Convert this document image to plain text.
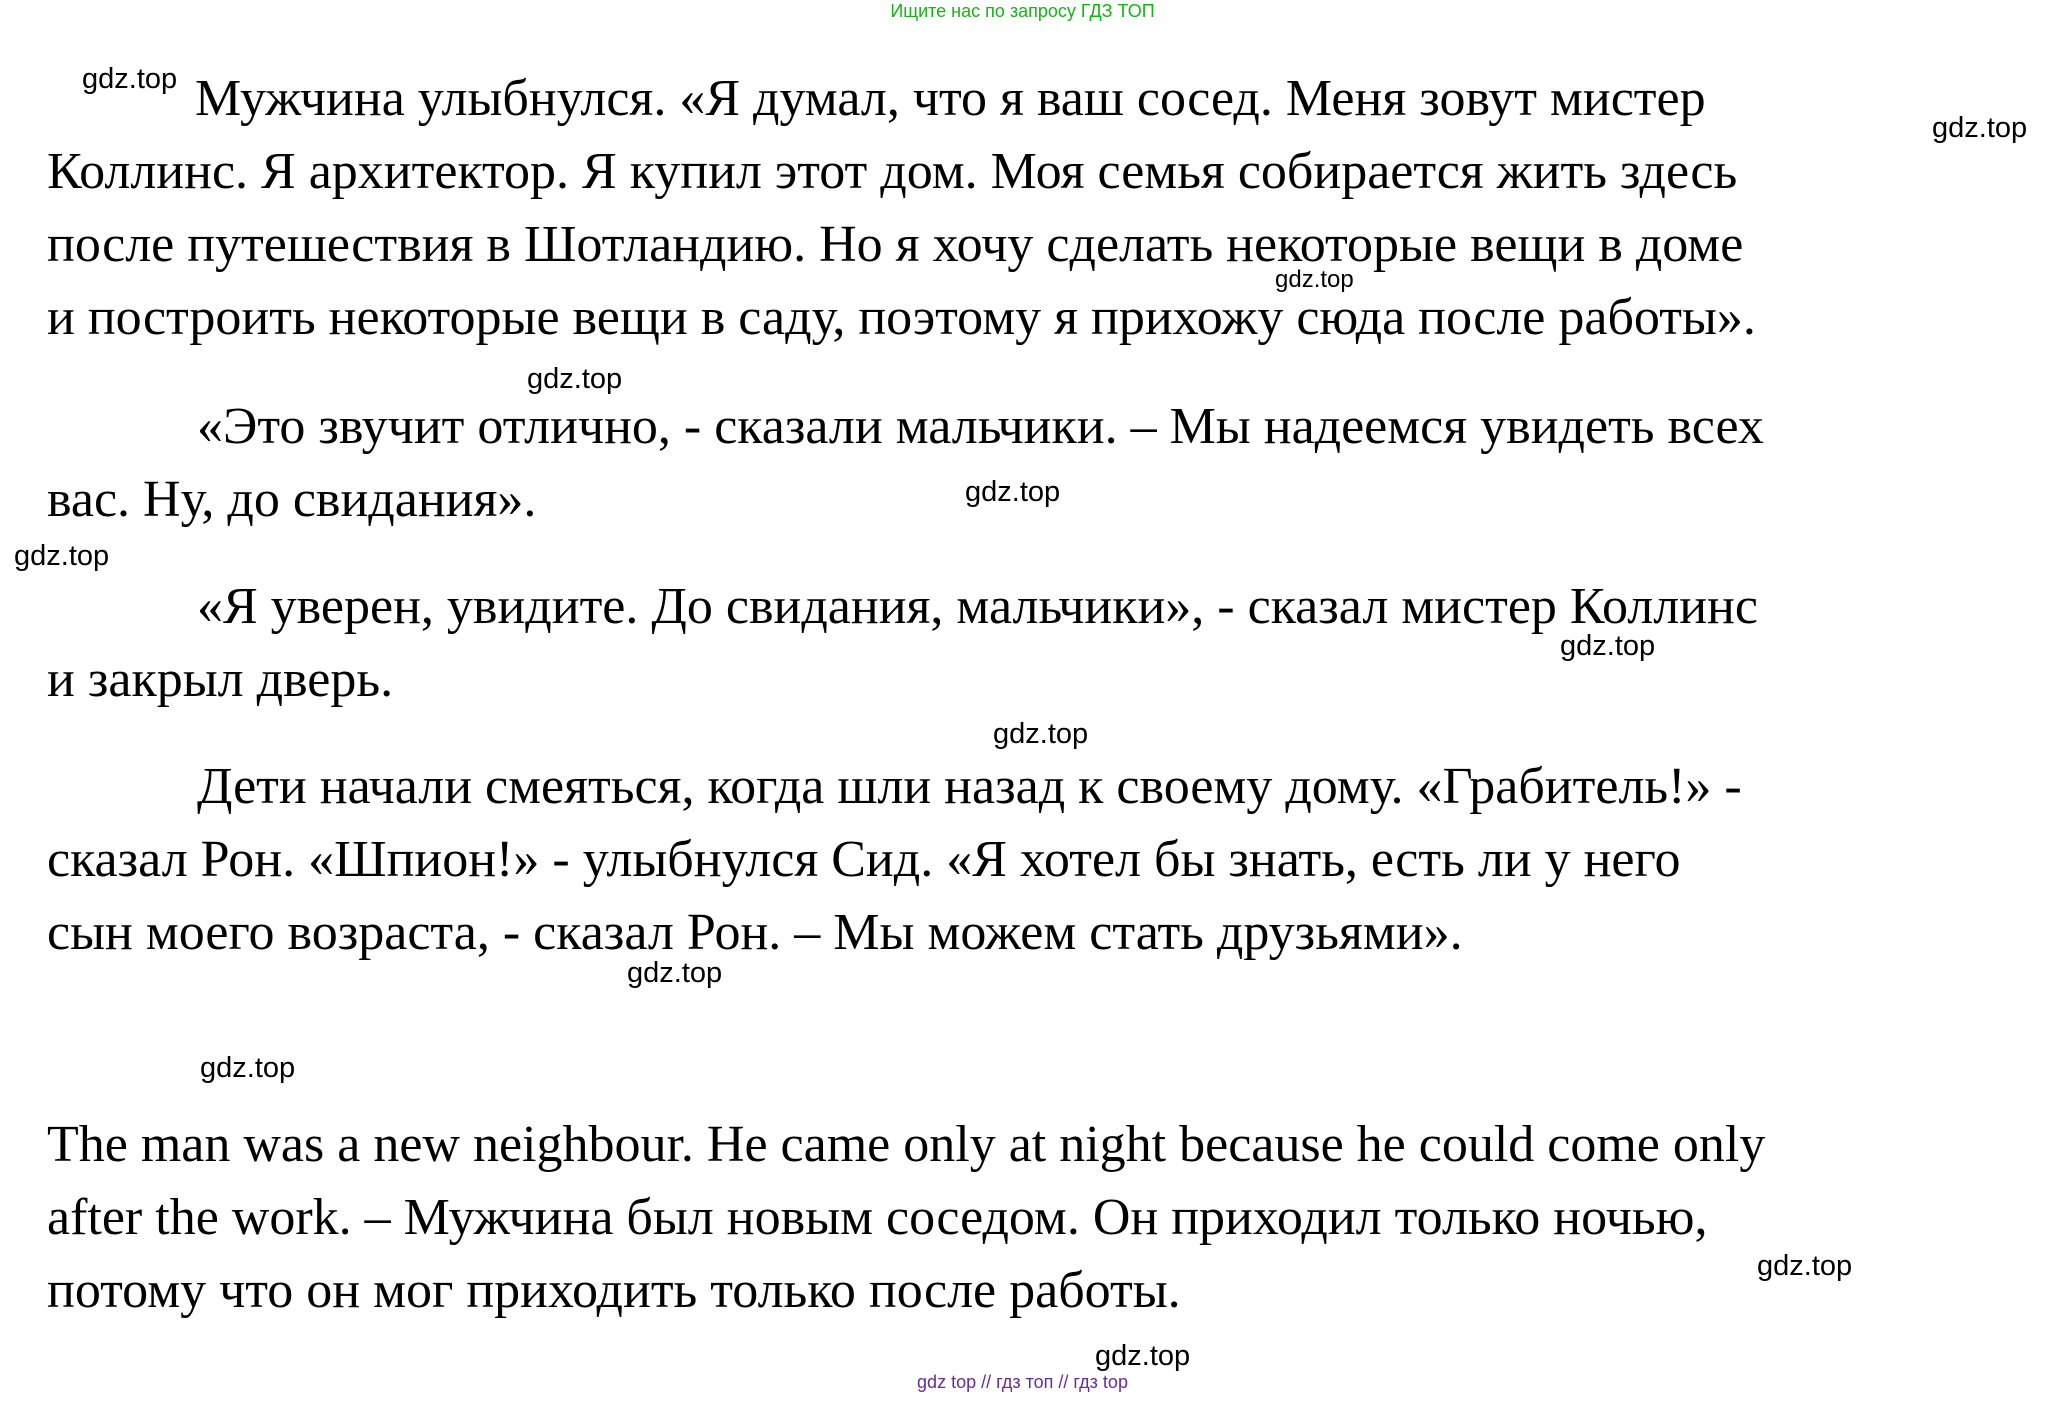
Ищите нас по запросу ГДЗ ТОП
Мужчина улыбнулся. «Я думал, что я ваш сосед. Меня зовут мистер
Коллинс. Я архитектор. Я купил этот дом. Моя семья собирается жить здесь
после путешествия в Шотландию. Но я хочу сделать некоторые вещи в доме
и построить некоторые вещи в саду, поэтому я прихожу сюда после работы».
«Это звучит отлично, - сказали мальчики. – Мы надеемся увидеть всех
вас. Ну, до свидания».
«Я уверен, увидите. До свидания, мальчики», - сказал мистер Коллинс
и закрыл дверь.
Дети начали смеяться, когда шли назад к своему дому. «Грабитель!» -
сказал Рон. «Шпион!» - улыбнулся Сид. «Я хотел бы знать, есть ли у него
сын моего возраста, - сказал Рон. – Мы можем стать друзьями».
The man was a new neighbour. He came only at night because he could come only
after the work. – Мужчина был новым соседом. Он приходил только ночью,
потому что он мог приходить только после работы.
gdz.top
gdz.top
gdz.top
gdz.top
gdz.top
gdz.top
gdz.top
gdz.top
gdz.top
gdz.top
gdz.top
gdz.top
gdz top // гдз топ // гдз top
